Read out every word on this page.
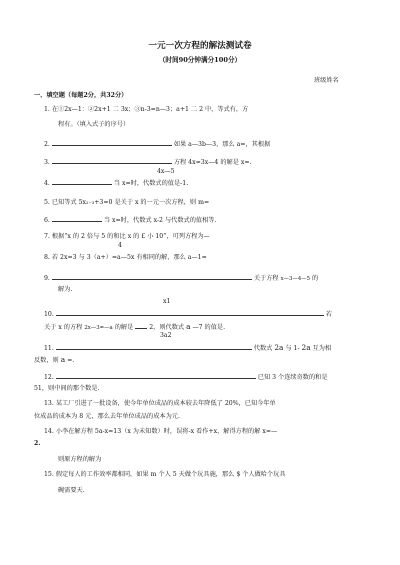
一元一次方程的解法测试卷
（时间90分钟满分100分）
班级姓名
一、填空题（每题2分，共32分）
1. 在①2x—1：②2x+1 二 3x；③n-3=n—3；a+1 二 2 中，等式有，方
程有。（填入式子的序号）
2.	如果 a—3b—3，那么 a=，其根据
3.	方程 4x=3x—4 的解是 x=.
4x—5
4.	当 x=时，代数式的值是-1.
5. 已知等式 5x₂₋₃+3=0 是关于 x 的一元一次方程，则 m=
6.	当 x=时，代数式 x-2 与代数式的值相等.
7. 根据“x 的 2 倍与 5 的和比 x 的 £ 小 10”，可列方程为—
4
8. 若 2x=3 与 3（a+）=a—5x 有相同的解，那么 a—1=
9.	关于方程 x—3—4—5 的
解为.
x1
10.	若
关于 x 的方程 2x—3=—a 的解是	2，则代数式 a —7 的值是.
3a2
11.	代数式 2a 与 1- 2a 互为相
反数，则 a =.
12.	已知 3 个连续奇数的和是
51，则中间的那个数是.
13. 某工厂引进了一批设备，使今年单位成品的成本较去年降低了 20%，已知今年单
位成品的成本为 8 元，那么去年单位成品的成本为元.
14. 小李在解方程 5a-x=13（x 为未知数）时，误将-x 看作+x，解得方程的解 x=—
2.
则原方程的解为
15. 假定每人的工作效率都相同，如果 m 个人 5 天做个玩具施，那么 $ 个人做哈个玩具
碗需要天.
